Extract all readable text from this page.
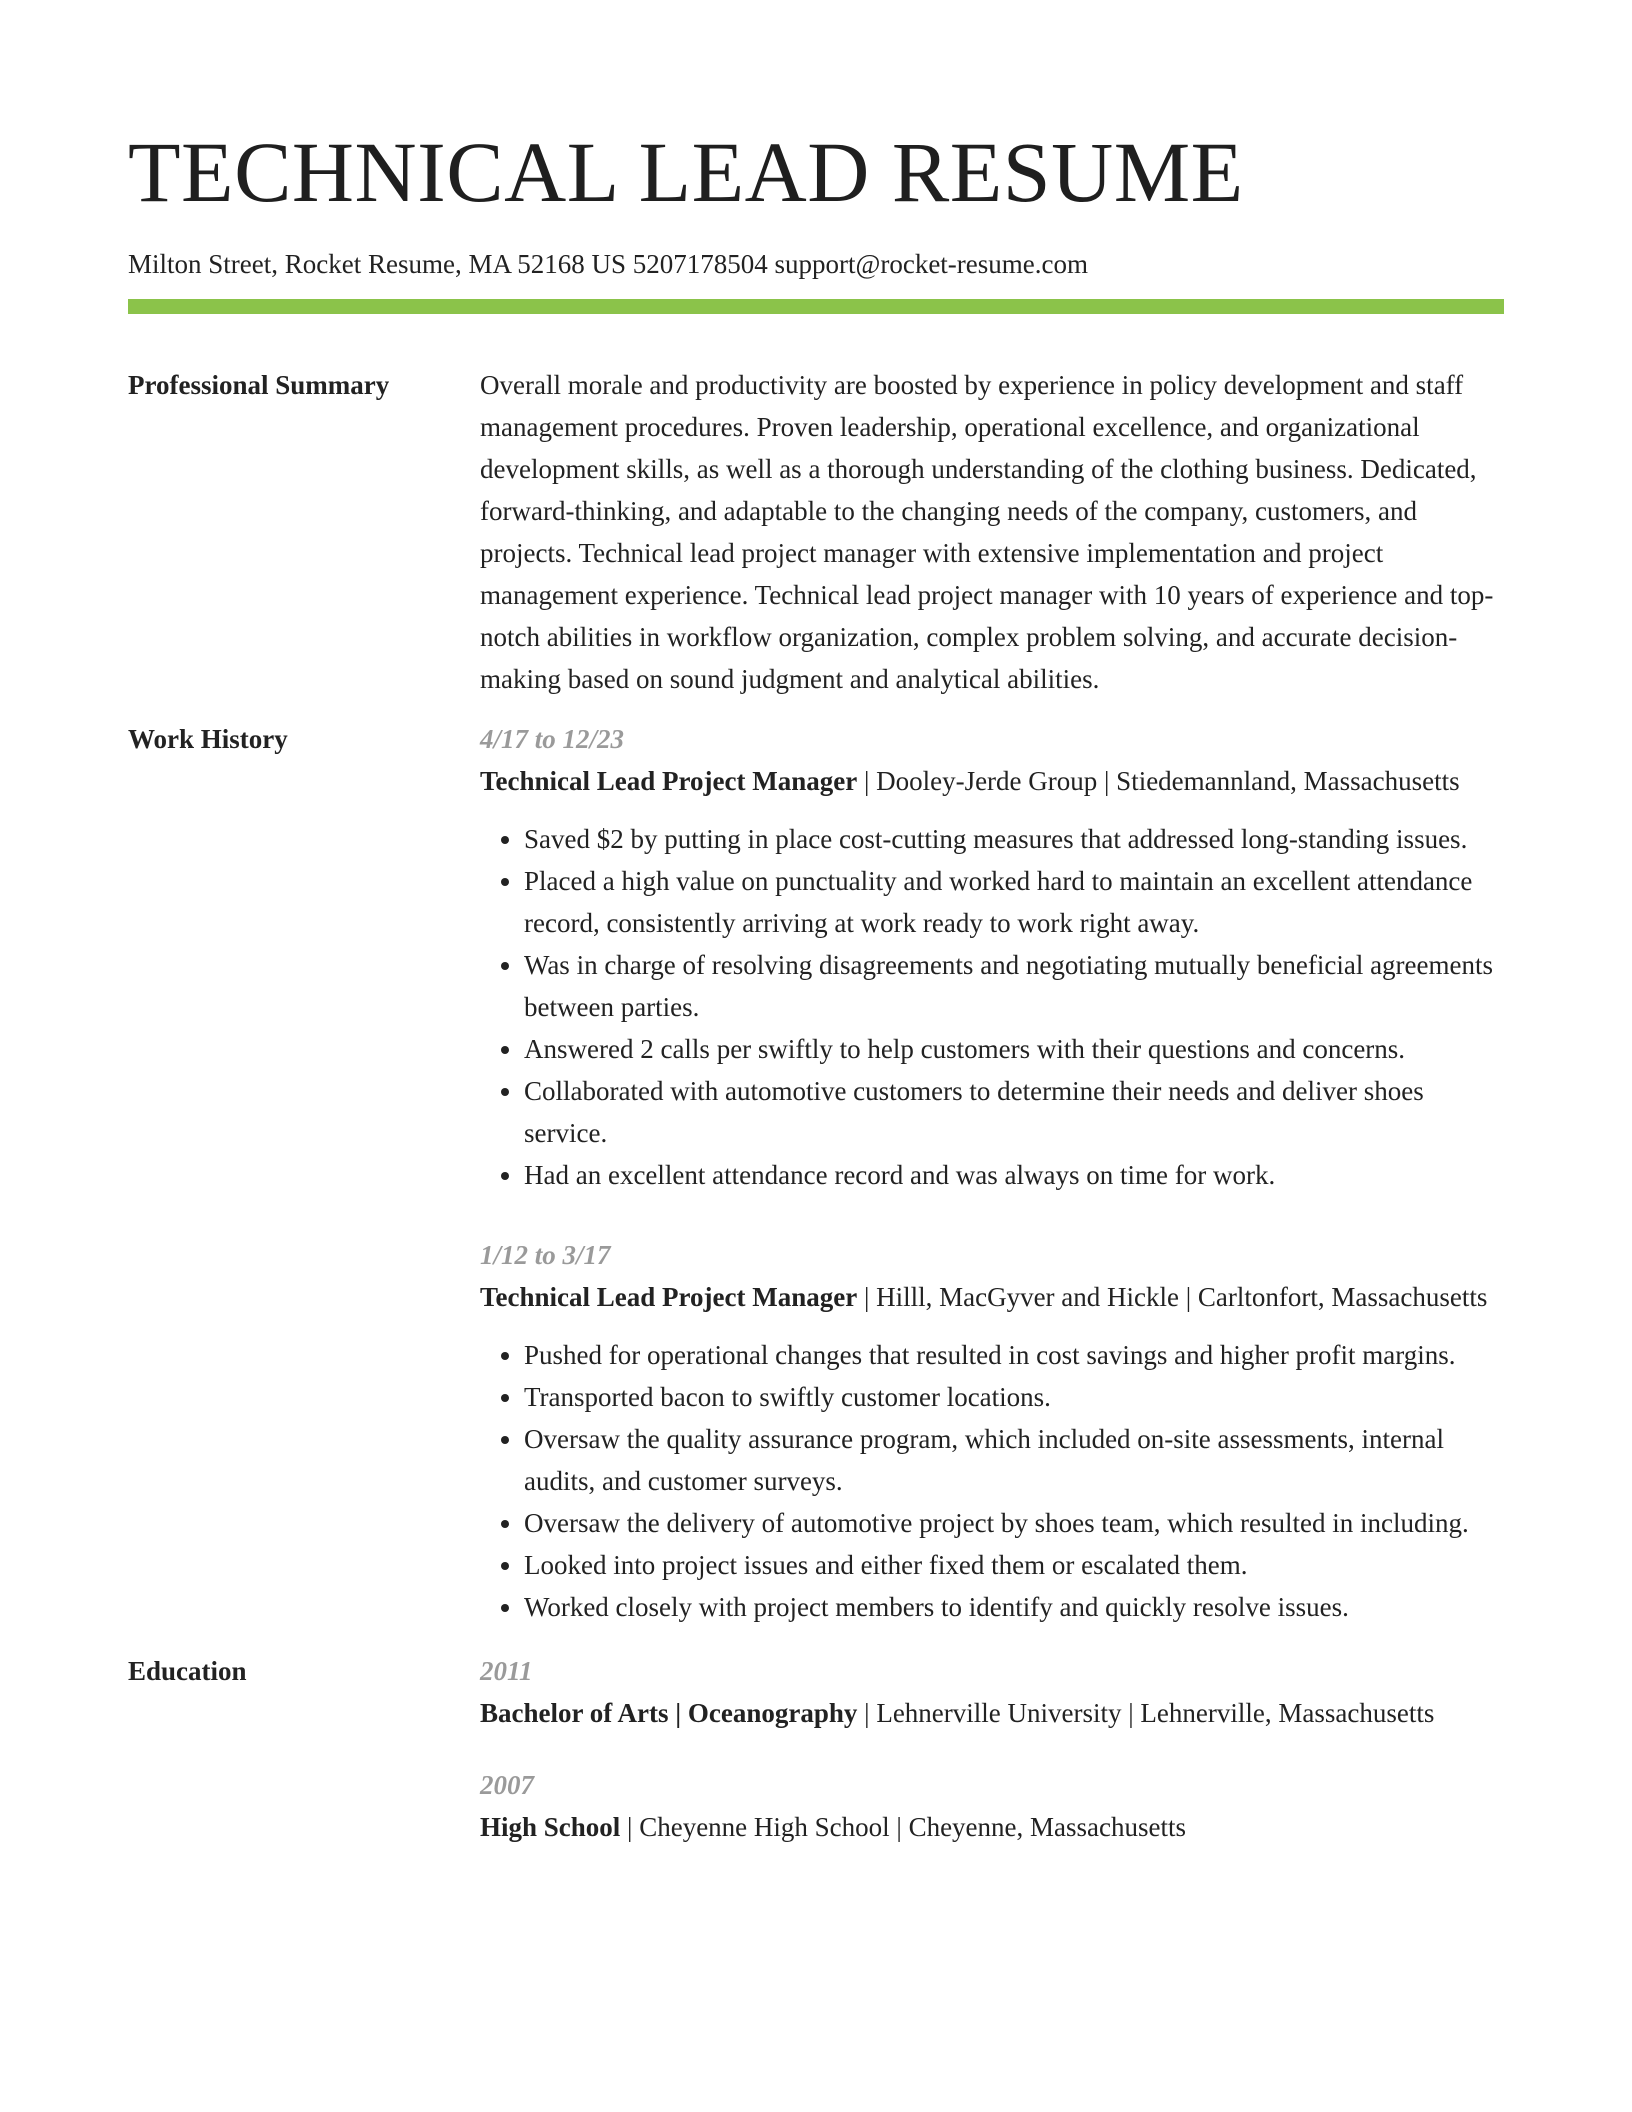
TECHNICAL LEAD RESUME
Milton Street, Rocket Resume, MA 52168 US 5207178504 support@rocket-resume.com
Professional Summary	Overall morale and productivity are boosted by experience in policy development and staff management procedures. Proven leadership, operational excellence, and organizational development skills, as well as a thorough understanding of the clothing business. Dedicated, forward-thinking, and adaptable to the changing needs of the company, customers, and projects. Technical lead project manager with extensive implementation and project management experience. Technical lead project manager with 10 years of experience and top-notch abilities in workflow organization, complex problem solving, and accurate decision-making based on sound judgment and analytical abilities.
Work History	4/17 to 12/23
Technical Lead Project Manager | Dooley-Jerde Group | Stiedemannland, Massachusetts
• Saved $2 by putting in place cost-cutting measures that addressed long-standing issues.
• Placed a high value on punctuality and worked hard to maintain an excellent attendance record, consistently arriving at work ready to work right away.
• Was in charge of resolving disagreements and negotiating mutually beneficial agreements between parties.
• Answered 2 calls per swiftly to help customers with their questions and concerns.
• Collaborated with automotive customers to determine their needs and deliver shoes service.
• Had an excellent attendance record and was always on time for work.
1/12 to 3/17
Technical Lead Project Manager | Hilll, MacGyver and Hickle | Carltonfort, Massachusetts
• Pushed for operational changes that resulted in cost savings and higher profit margins.
• Transported bacon to swiftly customer locations.
• Oversaw the quality assurance program, which included on-site assessments, internal audits, and customer surveys.
• Oversaw the delivery of automotive project by shoes team, which resulted in including.
• Looked into project issues and either fixed them or escalated them.
• Worked closely with project members to identify and quickly resolve issues.
Education	2011
Bachelor of Arts | Oceanography | Lehnerville University | Lehnerville, Massachusetts
2007
High School | Cheyenne High School | Cheyenne, Massachusetts
